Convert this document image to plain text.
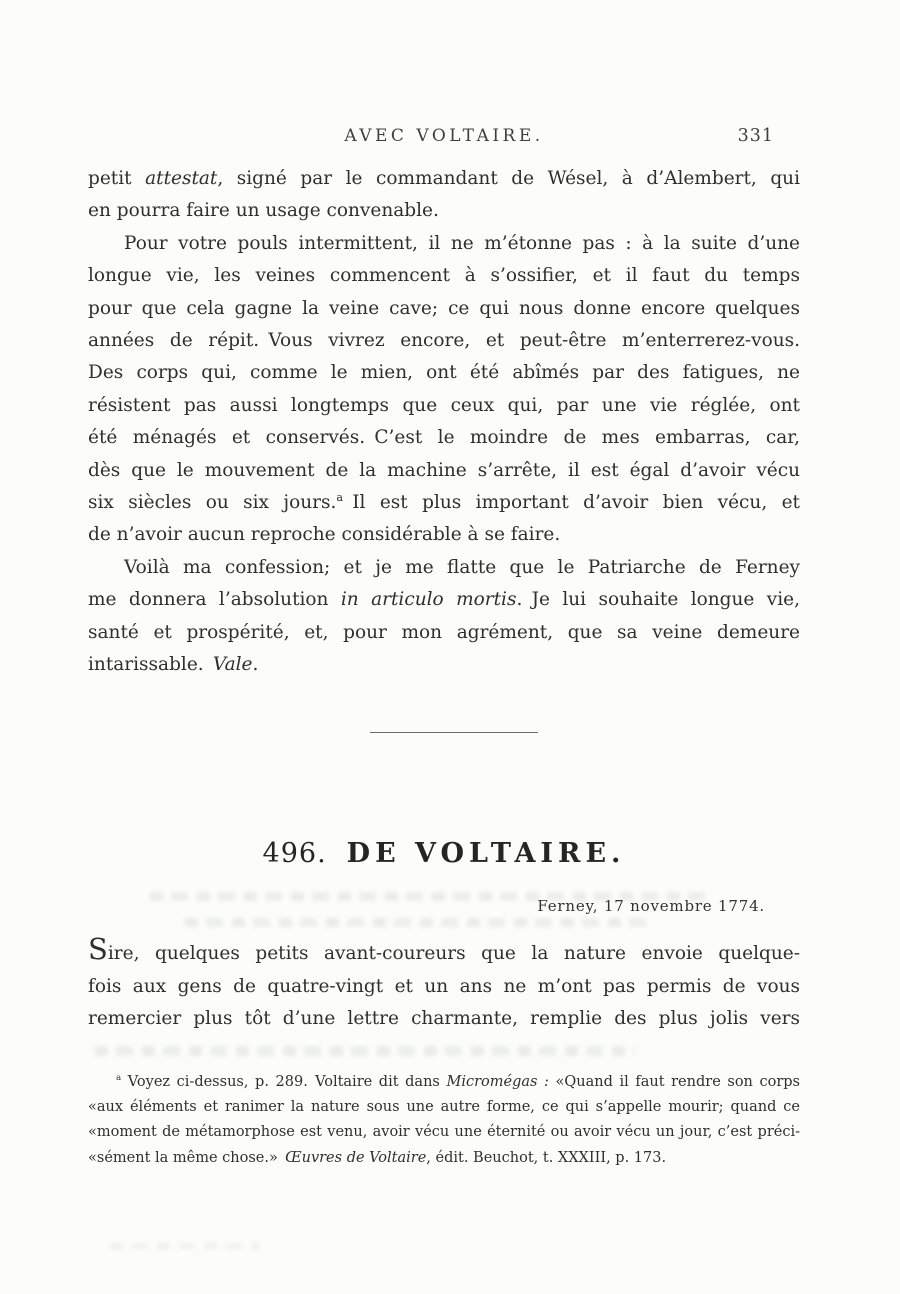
AVEC VOLTAIRE.	331
petit attestat, signé par le commandant de Wésel, à d’Alembert, qui
en pourra faire un usage convenable.
Pour votre pouls intermittent, il ne m’étonne pas : à la suite d’une
longue vie, les veines commencent à s’ossifier, et il faut du temps
pour que cela gagne la veine cave; ce qui nous donne encore quelques
années de répit. Vous vivrez encore, et peut-être m’enterrerez-vous.
Des corps qui, comme le mien, ont été abîmés par des fatigues, ne
résistent pas aussi longtemps que ceux qui, par une vie réglée, ont
été ménagés et conservés. C’est le moindre de mes embarras, car,
dès que le mouvement de la machine s’arrête, il est égal d’avoir vécu
six siècles ou six jours.$^a$ Il est plus important d’avoir bien vécu, et
de n’avoir aucun reproche considérable à se faire.
Voilà ma confession; et je me flatte que le Patriarche de Ferney
me donnera l’absolution in articulo mortis. Je lui souhaite longue vie,
santé et prospérité, et, pour mon agrément, que sa veine demeure
intarissable. Vale.
496. DE VOLTAIRE.
Ferney, 17 novembre 1774.
Sire, quelques petits avant-coureurs que la nature envoie quelque-
fois aux gens de quatre-vingt et un ans ne m’ont pas permis de vous
remercier plus tôt d’une lettre charmante, remplie des plus jolis vers
$^a$ Voyez ci-dessus, p. 289. Voltaire dit dans Micromégas : «Quand il faut rendre son corps
«aux éléments et ranimer la nature sous une autre forme, ce qui s’appelle mourir; quand ce
«moment de métamorphose est venu, avoir vécu une éternité ou avoir vécu un jour, c’est préci-
«sément la même chose.» Œuvres de Voltaire, édit. Beuchot, t. XXXIII, p. 173.
